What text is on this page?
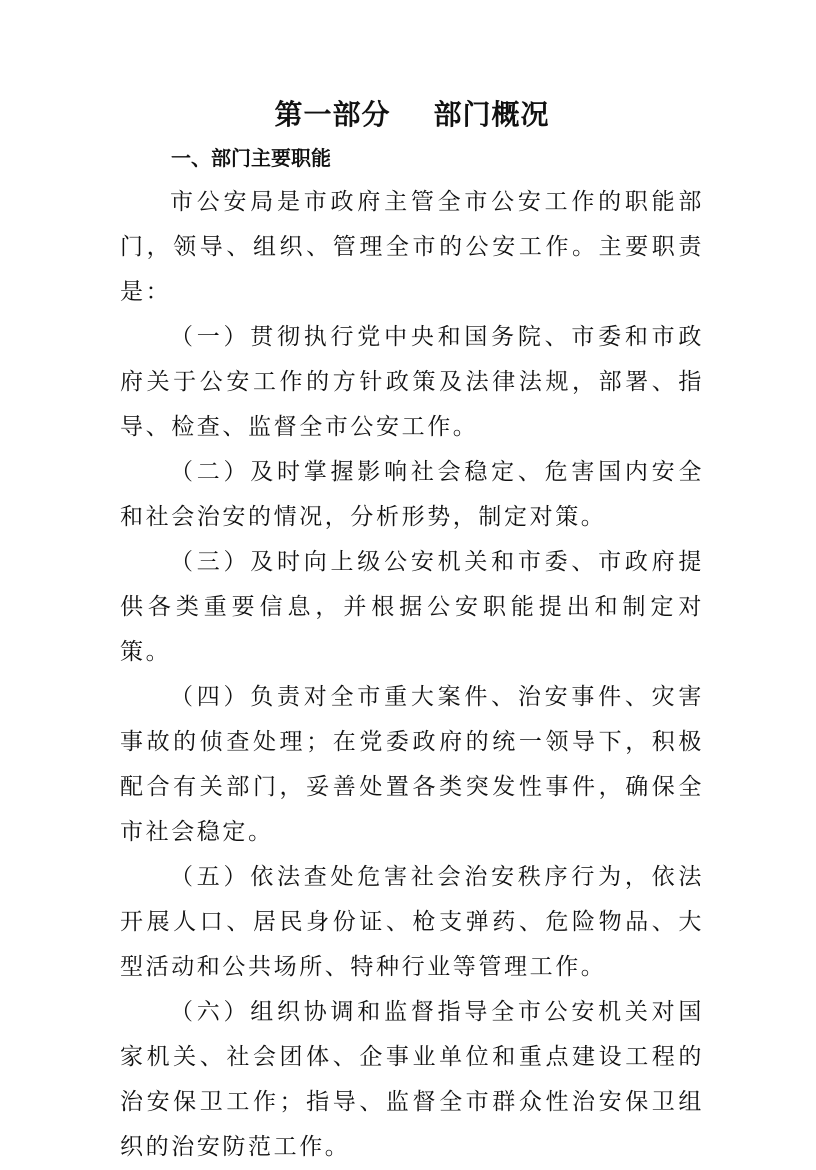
第一部分    部门概况
一、部门主要职能

市公安局是市政府主管全市公安工作的职能部门，领导、组织、管理全市的公安工作。主要职责是：

（一）贯彻执行党中央和国务院、市委和市政府关于公安工作的方针政策及法律法规，部署、指导、检查、监督全市公安工作。

（二）及时掌握影响社会稳定、危害国内安全和社会治安的情况，分析形势，制定对策。

（三）及时向上级公安机关和市委、市政府提供各类重要信息，并根据公安职能提出和制定对策。

（四）负责对全市重大案件、治安事件、灾害事故的侦查处理；在党委政府的统一领导下，积极配合有关部门，妥善处置各类突发性事件，确保全市社会稳定。

（五）依法查处危害社会治安秩序行为，依法开展人口、居民身份证、枪支弹药、危险物品、大型活动和公共场所、特种行业等管理工作。

（六）组织协调和监督指导全市公安机关对国家机关、社会团体、企事业单位和重点建设工程的治安保卫工作；指导、监督全市群众性治安保卫组织的治安防范工作。
